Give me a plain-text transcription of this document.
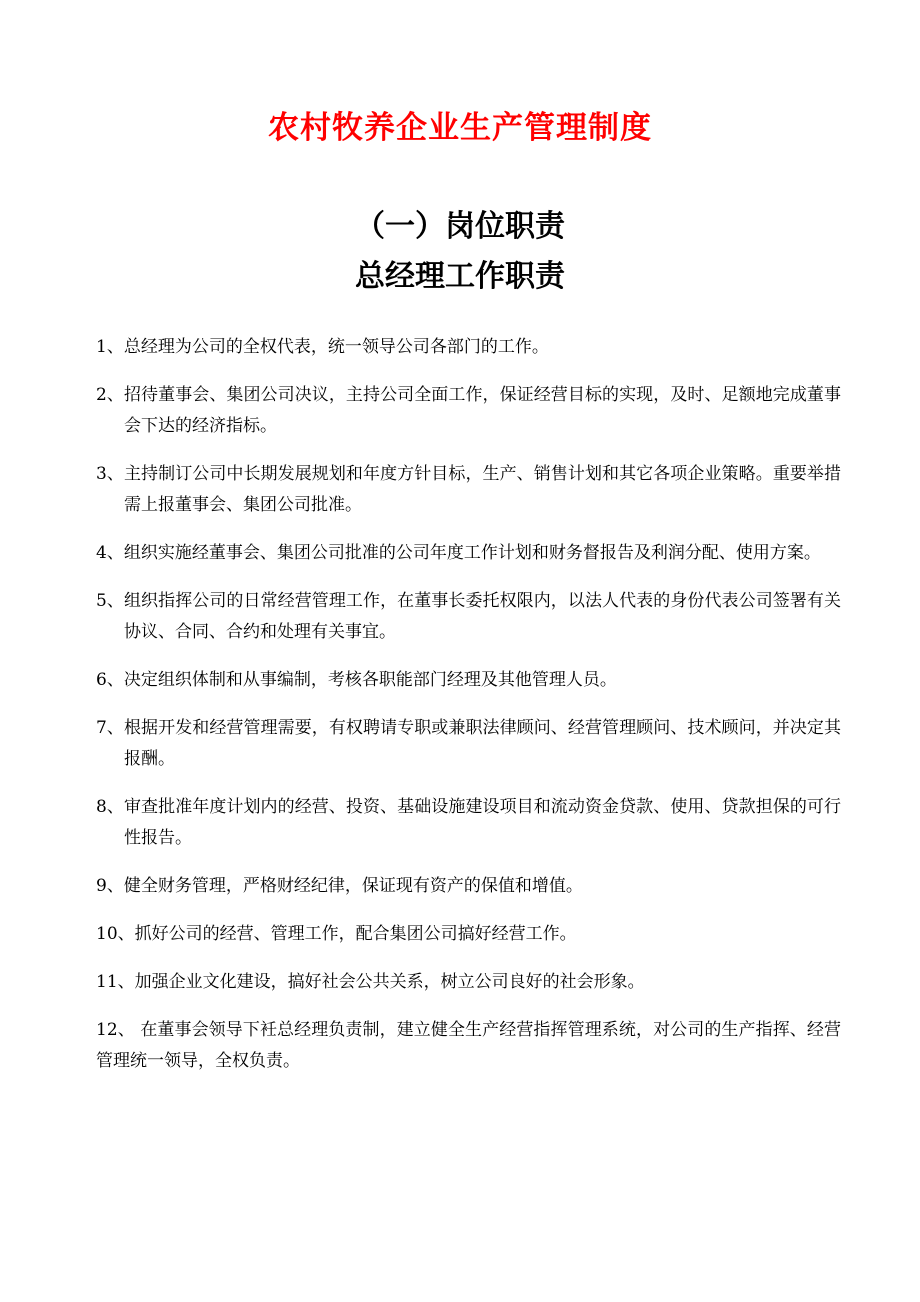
农村牧养企业生产管理制度
（一）岗位职责
总经理工作职责

1、总经理为公司的全权代表，统一领导公司各部门的工作。

2、招待董事会、集团公司决议，主持公司全面工作，保证经营目标的实现，及时、足额地完成董事会下达的经济指标。

3、主持制订公司中长期发展规划和年度方针目标，生产、销售计划和其它各项企业策略。重要举措需上报董事会、集团公司批准。

4、组织实施经董事会、集团公司批准的公司年度工作计划和财务督报告及利润分配、使用方案。

5、组织指挥公司的日常经营管理工作，在董事长委托权限内，以法人代表的身份代表公司签署有关协议、合同、合约和处理有关事宜。

6、决定组织体制和从事编制，考核各职能部门经理及其他管理人员。

7、根据开发和经营管理需要，有权聘请专职或兼职法律顾问、经营管理顾问、技术顾问，并决定其报酬。

8、审查批准年度计划内的经营、投资、基础设施建设项目和流动资金贷款、使用、贷款担保的可行性报告。

9、健全财务管理，严格财经纪律，保证现有资产的保值和增值。

10、抓好公司的经营、管理工作，配合集团公司搞好经营工作。

11、加强企业文化建设，搞好社会公共关系，树立公司良好的社会形象。

12、 在董事会领导下衽总经理负责制，建立健全生产经营指挥管理系统，对公司的生产指挥、经营管理统一领导，全权负责。
